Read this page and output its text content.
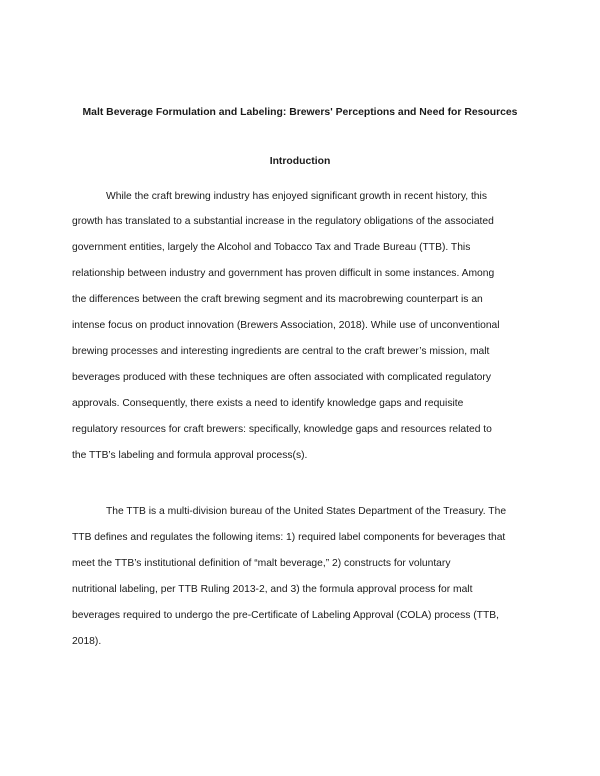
Malt Beverage Formulation and Labeling: Brewers' Perceptions and Need for Resources
Introduction
While the craft brewing industry has enjoyed significant growth in recent history, this
growth has translated to a substantial increase in the regulatory obligations of the associated
government entities, largely the Alcohol and Tobacco Tax and Trade Bureau (TTB). This
relationship between industry and government has proven difficult in some instances. Among
the differences between the craft brewing segment and its macrobrewing counterpart is an
intense focus on product innovation (Brewers Association, 2018). While use of unconventional
brewing processes and interesting ingredients are central to the craft brewer’s mission, malt
beverages produced with these techniques are often associated with complicated regulatory
approvals. Consequently, there exists a need to identify knowledge gaps and requisite
regulatory resources for craft brewers: specifically, knowledge gaps and resources related to
the TTB’s labeling and formula approval process(s).
The TTB is a multi-division bureau of the United States Department of the Treasury. The
TTB defines and regulates the following items: 1) required label components for beverages that
meet the TTB’s institutional definition of “malt beverage,” 2) constructs for voluntary
nutritional labeling, per TTB Ruling 2013-2, and 3) the formula approval process for malt
beverages required to undergo the pre-Certificate of Labeling Approval (COLA) process (TTB,
2018).
